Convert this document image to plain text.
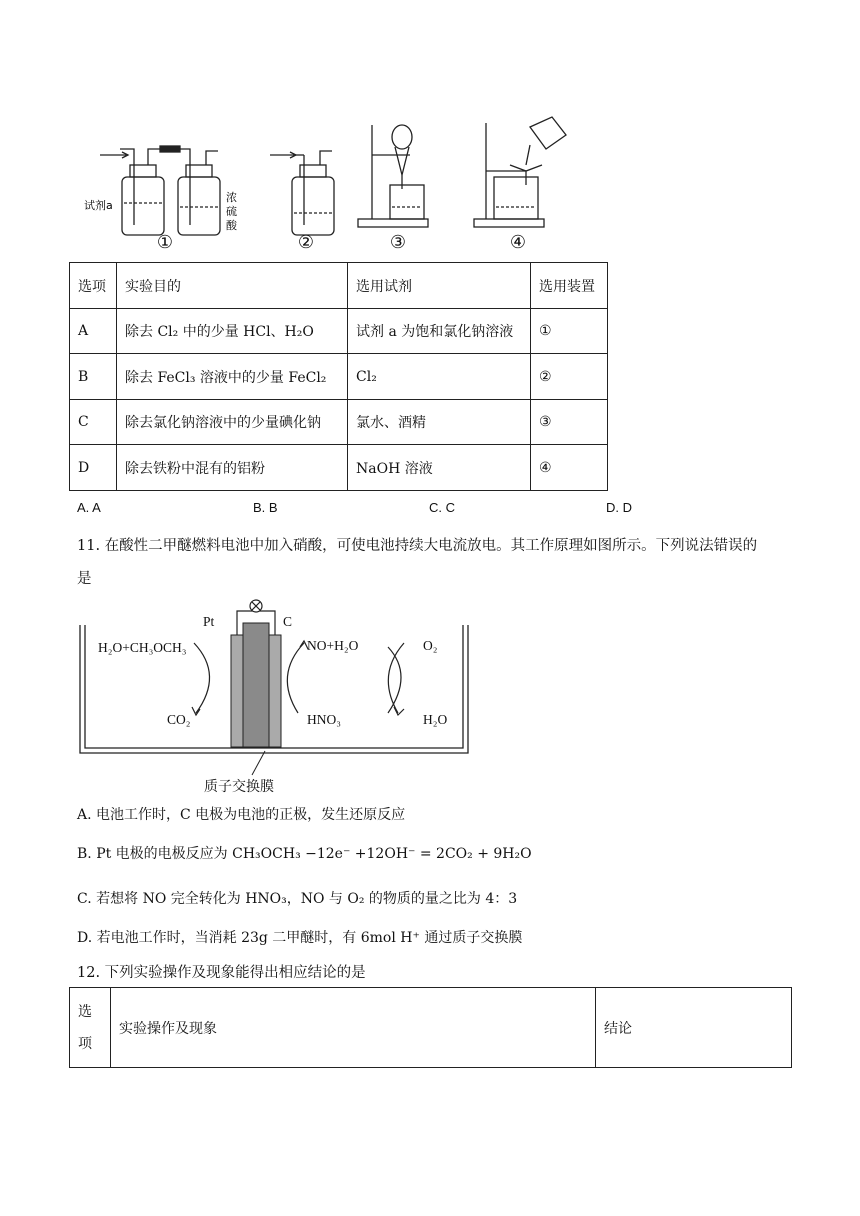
试剂a
浓
硫
酸
①	②	③	④
选项	实验目的	选用试剂	选用装置
A	除去 Cl₂ 中的少量 HCl、H₂O	试剂 a 为饱和氯化钠溶液	①
B	除去 FeCl₃ 溶液中的少量 FeCl₂	Cl₂	②
C	除去氯化钠溶液中的少量碘化钠	氯水、酒精	③
D	除去铁粉中混有的铝粉	NaOH 溶液	④
A. A	B. B	C. C	D. D
11. 在酸性二甲醚燃料电池中加入硝酸，可使电池持续大电流放电。其工作原理如图所示。下列说法错误的
是
Pt	C
H₂O+CH₃OCH₃
CO₂
NO+H₂O
HNO₃
O₂
H₂O
质子交换膜
A. 电池工作时，C 电极为电池的正极，发生还原反应
B. Pt 电极的电极反应为 CH₃OCH₃ −12e⁻ +12OH⁻ = 2CO₂ + 9H₂O
C. 若想将 NO 完全转化为 HNO₃，NO 与 O₂ 的物质的量之比为 4：3
D. 若电池工作时，当消耗 23g 二甲醚时，有 6mol H⁺ 通过质子交换膜
12. 下列实验操作及现象能得出相应结论的是
选
项
	实验操作及现象	结论
